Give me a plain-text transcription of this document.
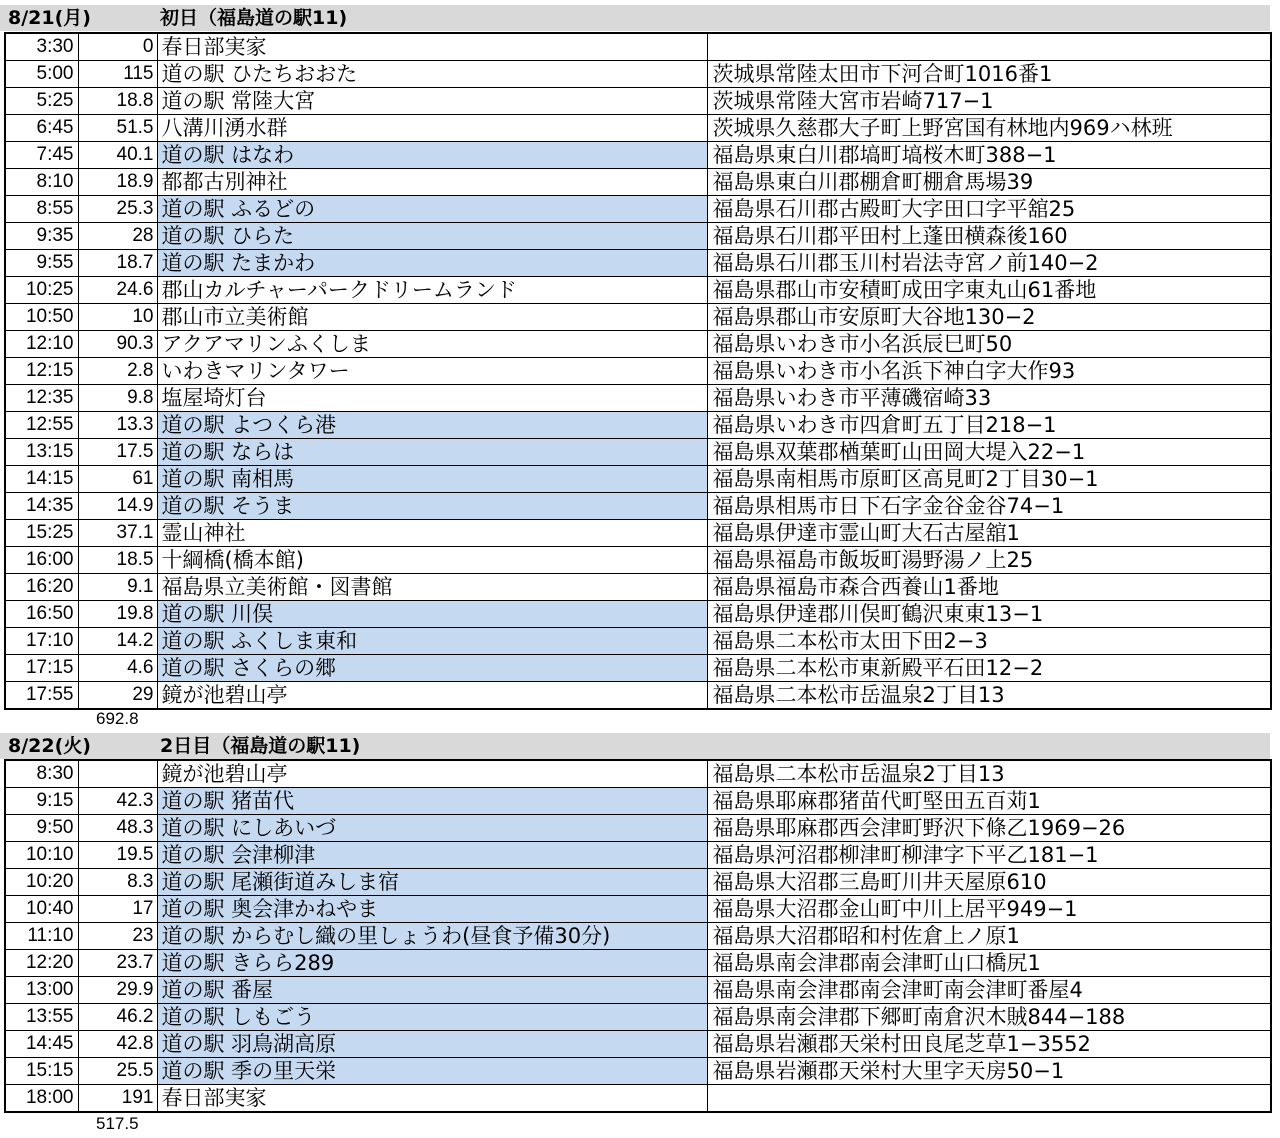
8/21(月)	初日（福島道の駅11)
3:30	0	春日部実家	
5:00	115	道の駅 ひたちおおた	茨城県常陸太田市下河合町1016番1
5:25	18.8	道の駅 常陸大宮	茨城県常陸大宮市岩崎717−1
6:45	51.5	八溝川湧水群	茨城県久慈郡大子町上野宮国有林地内969ハ林班
7:45	40.1	道の駅 はなわ	福島県東白川郡塙町塙桜木町388−1
8:10	18.9	都都古別神社	福島県東白川郡棚倉町棚倉馬場39
8:55	25.3	道の駅 ふるどの	福島県石川郡古殿町大字田口字平舘25
9:35	28	道の駅 ひらた	福島県石川郡平田村上蓬田横森後160
9:55	18.7	道の駅 たまかわ	福島県石川郡玉川村岩法寺宮ノ前140−2
10:25	24.6	郡山カルチャーパークドリームランド	福島県郡山市安積町成田字東丸山61番地
10:50	10	郡山市立美術館	福島県郡山市安原町大谷地130−2
12:10	90.3	アクアマリンふくしま	福島県いわき市小名浜辰巳町50
12:15	2.8	いわきマリンタワー	福島県いわき市小名浜下神白字大作93
12:35	9.8	塩屋埼灯台	福島県いわき市平薄磯宿崎33
12:55	13.3	道の駅 よつくら港	福島県いわき市四倉町五丁目218−1
13:15	17.5	道の駅 ならは	福島県双葉郡楢葉町山田岡大堤入22−1
14:15	61	道の駅 南相馬	福島県南相馬市原町区高見町2丁目30−1
14:35	14.9	道の駅 そうま	福島県相馬市日下石字金谷金谷74−1
15:25	37.1	霊山神社	福島県伊達市霊山町大石古屋舘1
16:00	18.5	十綱橋(橋本館)	福島県福島市飯坂町湯野湯ノ上25
16:20	9.1	福島県立美術館・図書館	福島県福島市森合西養山1番地
16:50	19.8	道の駅 川俣	福島県伊達郡川俣町鶴沢東東13−1
17:10	14.2	道の駅 ふくしま東和	福島県二本松市太田下田2−3
17:15	4.6	道の駅 さくらの郷	福島県二本松市東新殿平石田12−2
17:55	29	鏡が池碧山亭	福島県二本松市岳温泉2丁目13
692.8
8/22(火)	2日目（福島道の駅11)
8:30		鏡が池碧山亭	福島県二本松市岳温泉2丁目13
9:15	42.3	道の駅 猪苗代	福島県耶麻郡猪苗代町堅田五百苅1
9:50	48.3	道の駅 にしあいづ	福島県耶麻郡西会津町野沢下條乙1969−26
10:10	19.5	道の駅 会津柳津	福島県河沼郡柳津町柳津字下平乙181−1
10:20	8.3	道の駅 尾瀬街道みしま宿	福島県大沼郡三島町川井天屋原610
10:40	17	道の駅 奥会津かねやま	福島県大沼郡金山町中川上居平949−1
11:10	23	道の駅 からむし織の里しょうわ(昼食予備30分)	福島県大沼郡昭和村佐倉上ノ原1
12:20	23.7	道の駅 きらら289	福島県南会津郡南会津町山口橋尻1
13:00	29.9	道の駅 番屋	福島県南会津郡南会津町南会津町番屋4
13:55	46.2	道の駅 しもごう	福島県南会津郡下郷町南倉沢木賊844−188
14:45	42.8	道の駅 羽鳥湖高原	福島県岩瀬郡天栄村田良尾芝草1−3552
15:15	25.5	道の駅 季の里天栄	福島県岩瀬郡天栄村大里字天房50−1
18:00	191	春日部実家	
517.5
